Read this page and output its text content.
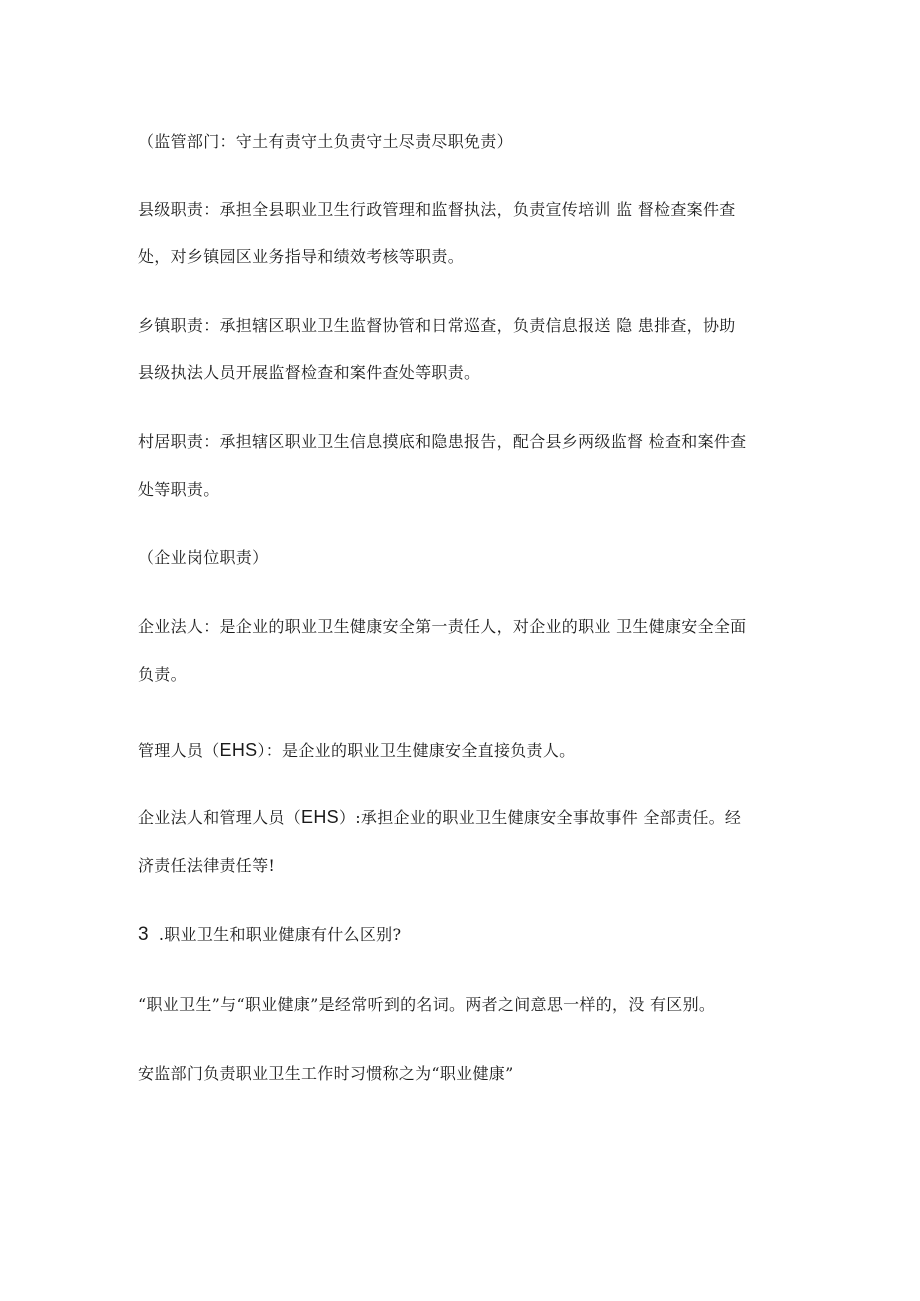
（监管部门：守土有责守土负责守土尽责尽职免责）
县级职责：承担全县职业卫生行政管理和监督执法，负责宣传培训 监 督检查案件查
处，对乡镇园区业务指导和绩效考核等职责。
乡镇职责：承担辖区职业卫生监督协管和日常巡查，负责信息报送 隐 患排查，协助
县级执法人员开展监督检查和案件查处等职责。
村居职责：承担辖区职业卫生信息摸底和隐患报告，配合县乡两级监督 检查和案件查
处等职责。
（企业岗位职责）
企业法人：是企业的职业卫生健康安全第一责任人，对企业的职业 卫生健康安全全面
负责。
管理人员（EHS）：是企业的职业卫生健康安全直接负责人。
企业法人和管理人员（EHS）:承担企业的职业卫生健康安全事故事件 全部责任。经
济责任法律责任等!
3 .职业卫生和职业健康有什么区别?
“职业卫生”与“职业健康”是经常听到的名词。两者之间意思一样的，没 有区别。
安监部门负责职业卫生工作时习惯称之为“职业健康”
